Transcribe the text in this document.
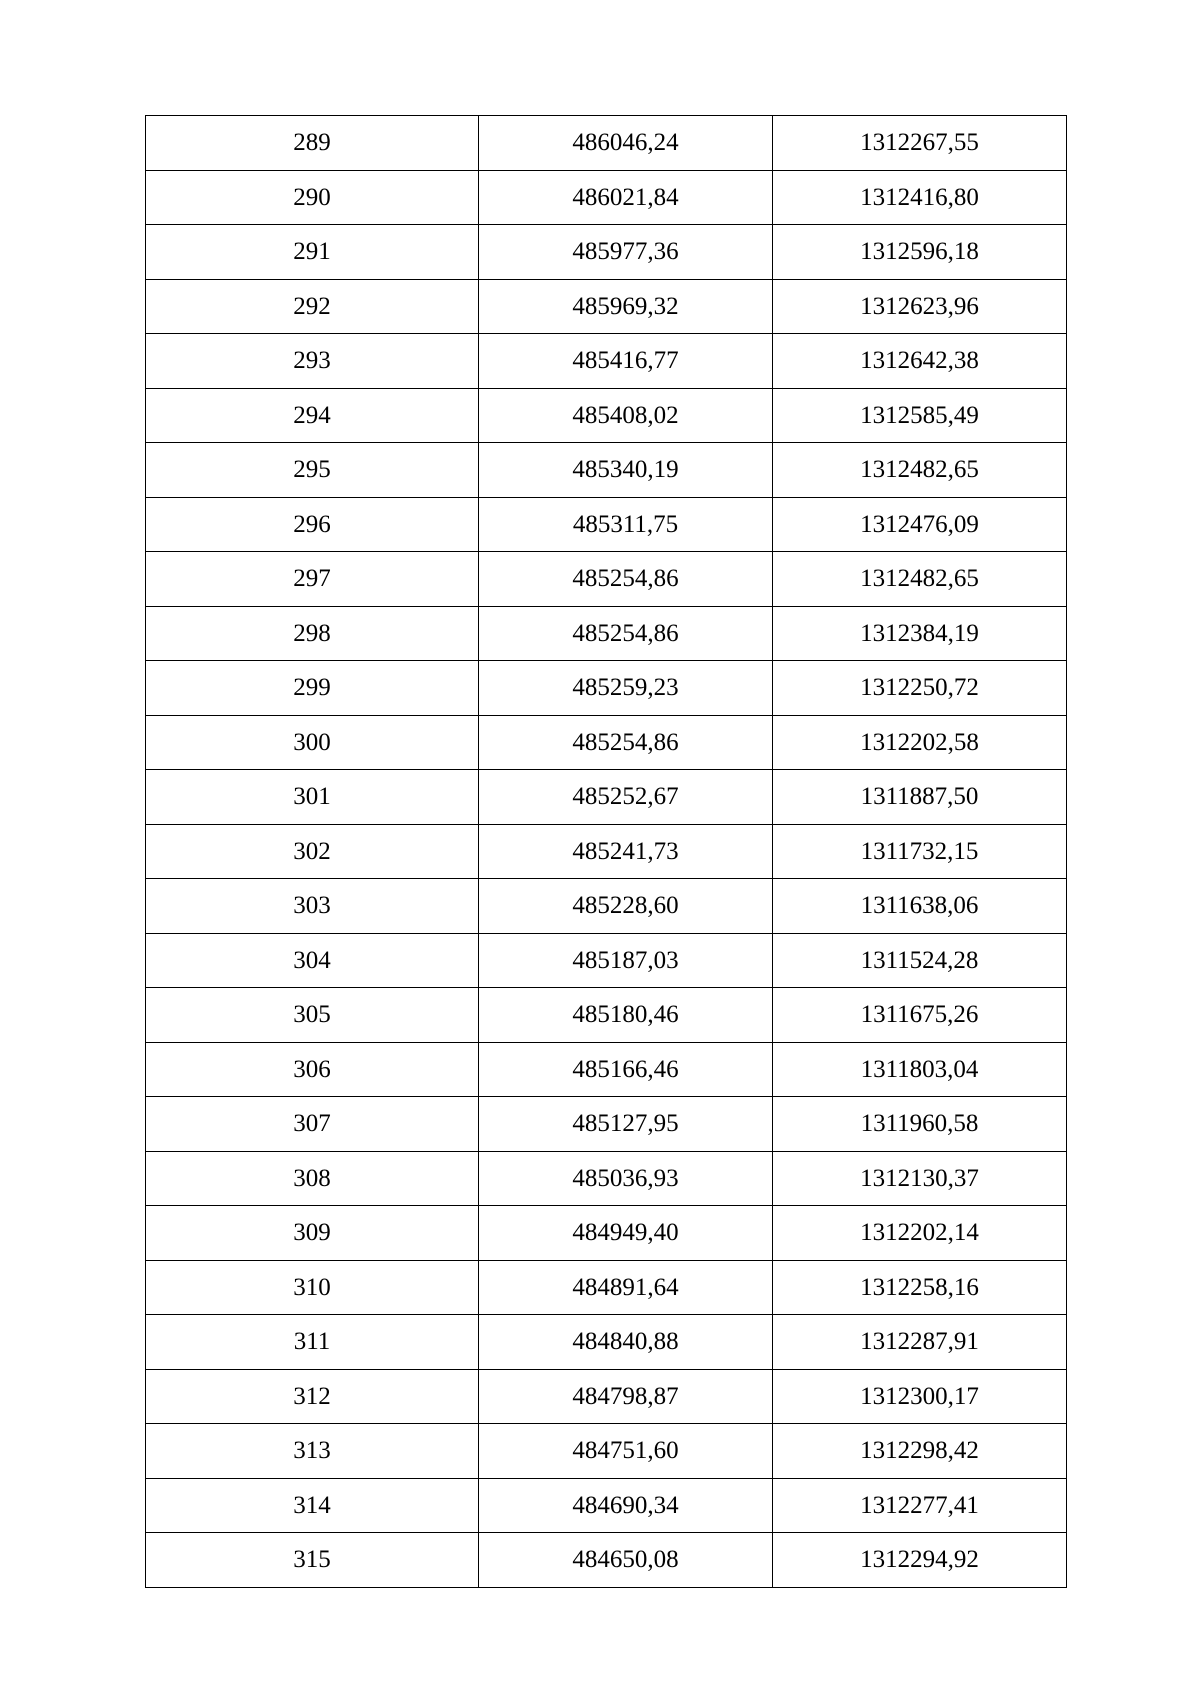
289	486046,24	1312267,55
290	486021,84	1312416,80
291	485977,36	1312596,18
292	485969,32	1312623,96
293	485416,77	1312642,38
294	485408,02	1312585,49
295	485340,19	1312482,65
296	485311,75	1312476,09
297	485254,86	1312482,65
298	485254,86	1312384,19
299	485259,23	1312250,72
300	485254,86	1312202,58
301	485252,67	1311887,50
302	485241,73	1311732,15
303	485228,60	1311638,06
304	485187,03	1311524,28
305	485180,46	1311675,26
306	485166,46	1311803,04
307	485127,95	1311960,58
308	485036,93	1312130,37
309	484949,40	1312202,14
310	484891,64	1312258,16
311	484840,88	1312287,91
312	484798,87	1312300,17
313	484751,60	1312298,42
314	484690,34	1312277,41
315	484650,08	1312294,92
